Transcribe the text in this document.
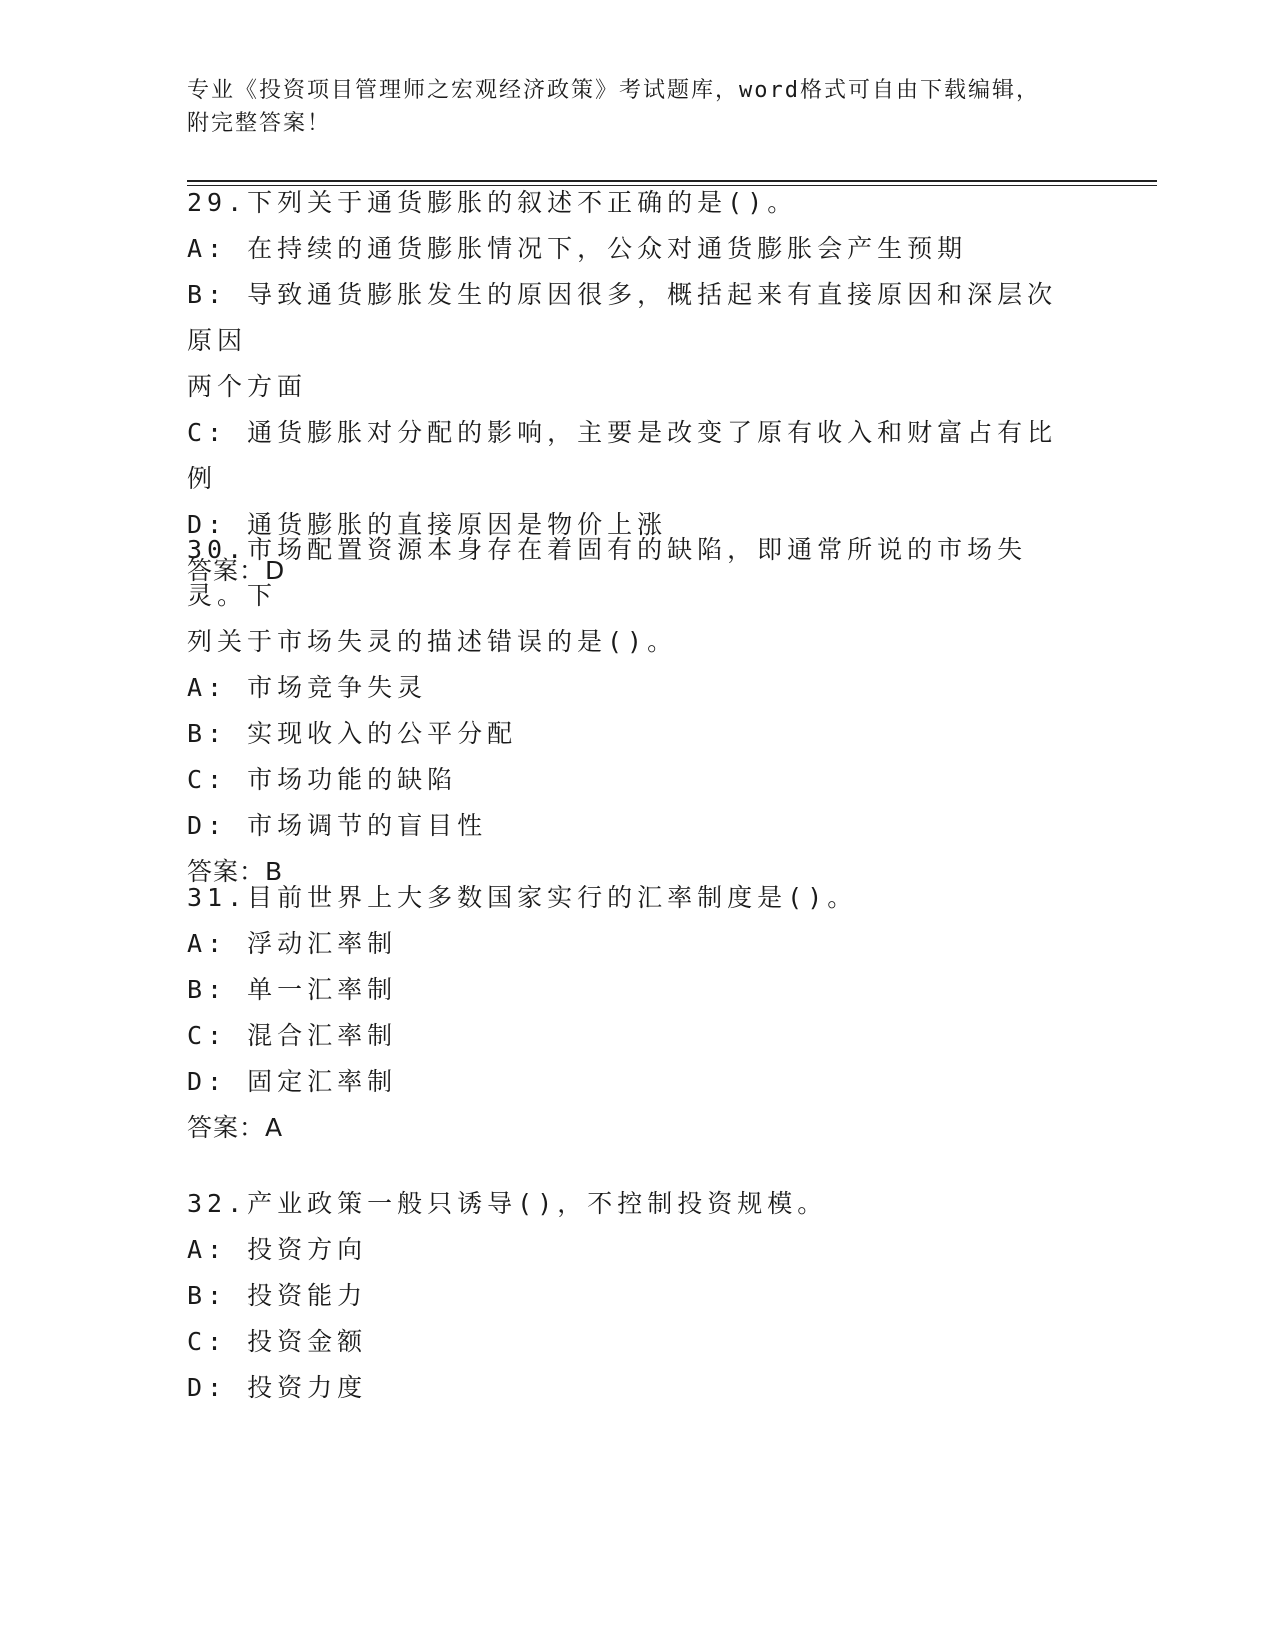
专业《投资项目管理师之宏观经济政策》考试题库，word格式可自由下载编辑，
附完整答案！
29.下列关于通货膨胀的叙述不正确的是()。
A: 在持续的通货膨胀情况下，公众对通货膨胀会产生预期
B: 导致通货膨胀发生的原因很多，概括起来有直接原因和深层次原因
两个方面
C: 通货膨胀对分配的影响，主要是改变了原有收入和财富占有比例
D: 通货膨胀的直接原因是物价上涨
答案：D
30.市场配置资源本身存在着固有的缺陷，即通常所说的市场失灵。下
列关于市场失灵的描述错误的是()。
A: 市场竞争失灵
B: 实现收入的公平分配
C: 市场功能的缺陷
D: 市场调节的盲目性
答案：B
31.目前世界上大多数国家实行的汇率制度是()。
A: 浮动汇率制
B: 单一汇率制
C: 混合汇率制
D: 固定汇率制
答案：A
32.产业政策一般只诱导()，不控制投资规模。
A: 投资方向
B: 投资能力
C: 投资金额
D: 投资力度
